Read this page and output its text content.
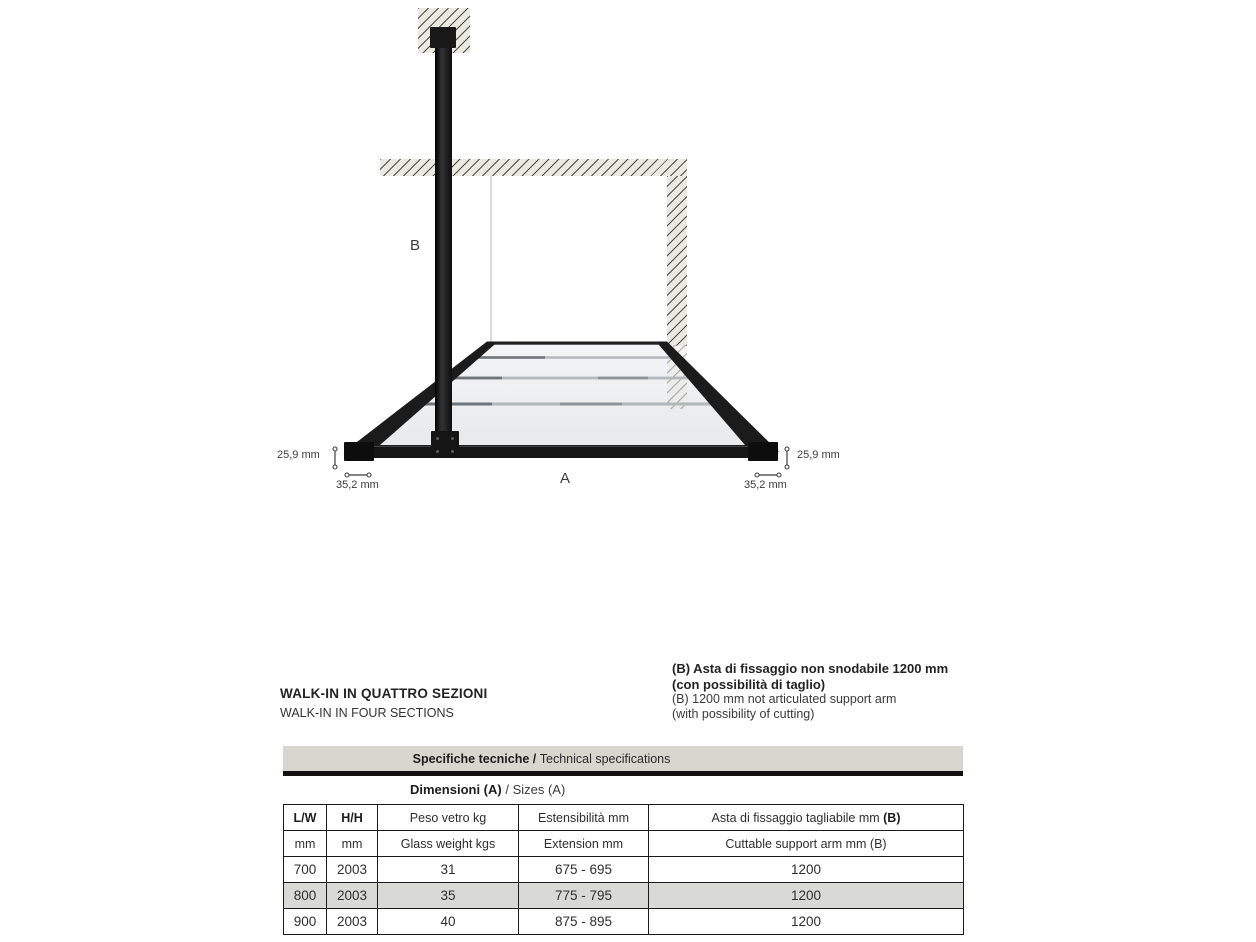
B
A
25,9 mm
35,2 mm
25,9 mm
35,2 mm
WALK-IN IN QUATTRO SEZIONI
WALK-IN IN FOUR SECTIONS
(B) Asta di fissaggio non snodabile 1200 mm
(con possibilità di taglio)
(B) 1200 mm not articulated support arm
(with possibility of cutting)
Specifiche tecniche / Technical specifications
Dimensioni (A) / Sizes (A)
L/W	H/H	Peso vetro kg	Estensibilità mm	Asta di fissaggio tagliabile mm (B)
mm	mm	Glass weight kgs	Extension mm	Cuttable support arm mm (B)
700	2003	31	675 - 695	1200
800	2003	35	775 - 795	1200
900	2003	40	875 - 895	1200
